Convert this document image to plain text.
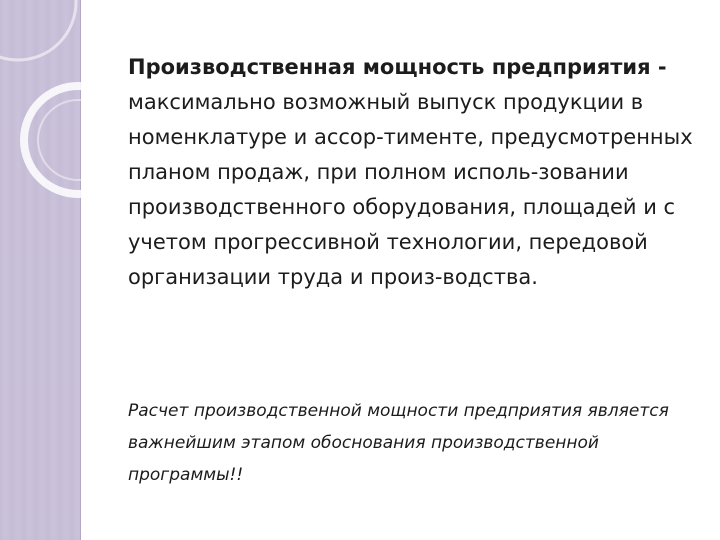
Производственная мощность предприятия -
максимально возможный выпуск продукции в номенклатуре и ассор-тименте, предусмотренных планом продаж, при полном исполь-зовании производственного оборудования, площадей и с учетом прогрессивной технологии, передовой организации труда и произ-водства.

Расчет производственной мощности предприятия является важнейшим этапом обоснования производственной программы!!
